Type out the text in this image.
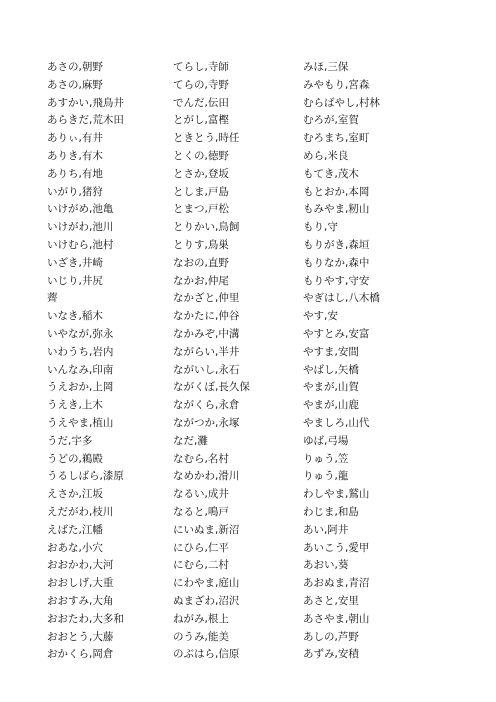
あさの,朝野
あさの,麻野
あすかい,飛鳥井
あらきだ,荒木田
ありぃ,有井
ありき,有木
ありち,有地
いがり,猪狩
いけがめ,池亀
いけがわ,池川
いけむら,池村
いざき,井崎
いじり,井尻
薺
いなき,稲木
いやなが,弥永
いわうち,岩内
いんなみ,印南
うえおか,上岡
うえき,上木
うえやま,植山
うだ,宇多
うどの,鵜殿
うるしばら,漆原
えさか,江坂
えだがわ,枝川
えばた,江幡
おあな,小穴
おおかわ,大河
おおしげ,大重
おおすみ,大角
おおたわ,大多和
おおとう,大藤
おかくら,岡倉
てらし,寺師
てらの,寺野
でんだ,伝田
とがし,富樫
ときとう,時任
とくの,徳野
とさか,登坂
としま,戸島
とまつ,戸松
とりかい,鳥飼
とりす,鳥巣
なおの,直野
なかお,仲尾
なかざと,仲里
なかたに,仲谷
なかみぞ,中溝
ながらい,半井
ながいし,永石
ながくぼ,長久保
ながくら,永倉
ながつか,永塚
なだ,灘
なむら,名村
なめかわ,滑川
なるい,成井
なると,鳴戸
にいぬま,新沼
にひら,仁平
にむら,二村
にわやま,庭山
ぬまざわ,沼沢
ねがみ,根上
のうみ,能美
のぶはら,信原
みほ,三保
みやもり,宮森
むらばやし,村林
むろが,室賀
むろまち,室町
めら,米良
もてき,茂木
もとおか,本岡
もみやま,籾山
もり,守
もりがき,森垣
もりなか,森中
もりやす,守安
やぎはし,八木橋
やす,安
やすとみ,安富
やすま,安間
やばし,矢橋
やまが,山賀
やまが,山鹿
やましろ,山代
ゆば,弓場
りゅう,笠
りゅう,龍
わしやま,鷲山
わじま,和島
あい,阿井
あいこう,愛甲
あおい,葵
あおぬま,青沼
あさと,安里
あさやま,朝山
あしの,芦野
あずみ,安積
